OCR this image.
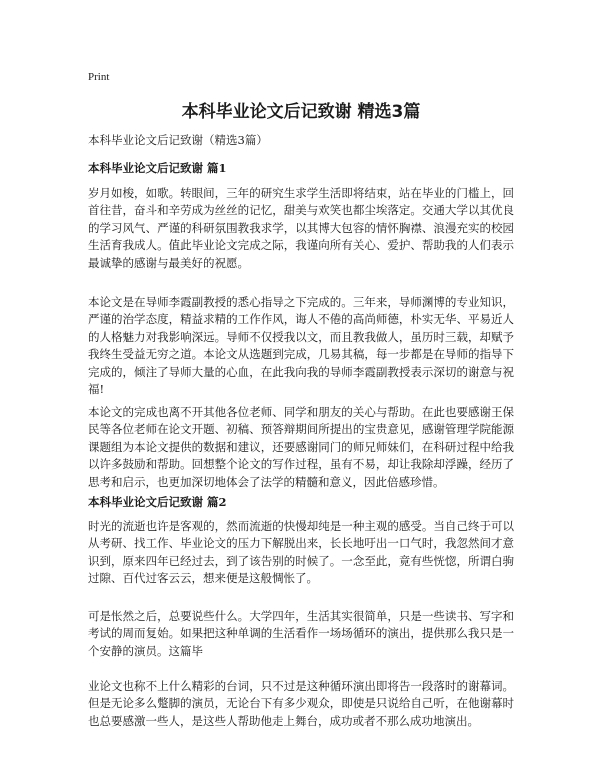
Print
本科毕业论文后记致谢 精选3篇
本科毕业论文后记致谢（精选3篇）
本科毕业论文后记致谢 篇1

岁月如梭，如歌。转眼间，三年的研究生求学生活即将结束，站在毕业的门槛上，回首往昔，奋斗和辛劳成为丝丝的记忆，甜美与欢笑也都尘埃落定。交通大学以其优良的学习风气、严谨的科研氛围教我求学，以其博大包容的情怀胸襟、浪漫充实的校园生活育我成人。值此毕业论文完成之际，我谨向所有关心、爱护、帮助我的人们表示最诚挚的感谢与最美好的祝愿。

本论文是在导师李霞副教授的悉心指导之下完成的。三年来，导师渊博的专业知识，严谨的治学态度，精益求精的工作作风，诲人不倦的高尚师德，朴实无华、平易近人的人格魅力对我影响深远。导师不仅授我以文，而且教我做人，虽历时三载，却赋予我终生受益无穷之道。本论文从选题到完成，几易其稿，每一步都是在导师的指导下完成的，倾注了导师大量的心血，在此我向我的导师李霞副教授表示深切的谢意与祝福!

本论文的完成也离不开其他各位老师、同学和朋友的关心与帮助。在此也要感谢王保民等各位老师在论文开题、初稿、预答辩期间所提出的宝贵意见，感谢管理学院能源课题组为本论文提供的数据和建议，还要感谢同门的师兄师妹们，在科研过程中给我以许多鼓励和帮助。回想整个论文的写作过程，虽有不易，却让我除却浮躁，经历了思考和启示，也更加深切地体会了法学的精髓和意义，因此倍感珍惜。

本科毕业论文后记致谢 篇2

时光的流逝也许是客观的，然而流逝的快慢却纯是一种主观的感受。当自己终于可以从考研、找工作、毕业论文的压力下解脱出来，长长地吁出一口气时，我忽然间才意识到，原来四年已经过去，到了该告别的时候了。一念至此，竟有些恍惚，所谓白驹过隙、百代过客云云，想来便是这般惆怅了。

可是怅然之后，总要说些什么。大学四年，生活其实很简单，只是一些读书、写字和考试的周而复始。如果把这种单调的生活看作一场场循环的演出，提供那么我只是一个安静的演员。这篇毕

业论文也称不上什么精彩的台词，只不过是这种循环演出即将告一段落时的谢幕词。但是无论多么蹩脚的演员，无论台下有多少观众，即使是只说给自己听，在他谢幕时也总要感激一些人，是这些人帮助他走上舞台，成功或者不那么成功地演出。
